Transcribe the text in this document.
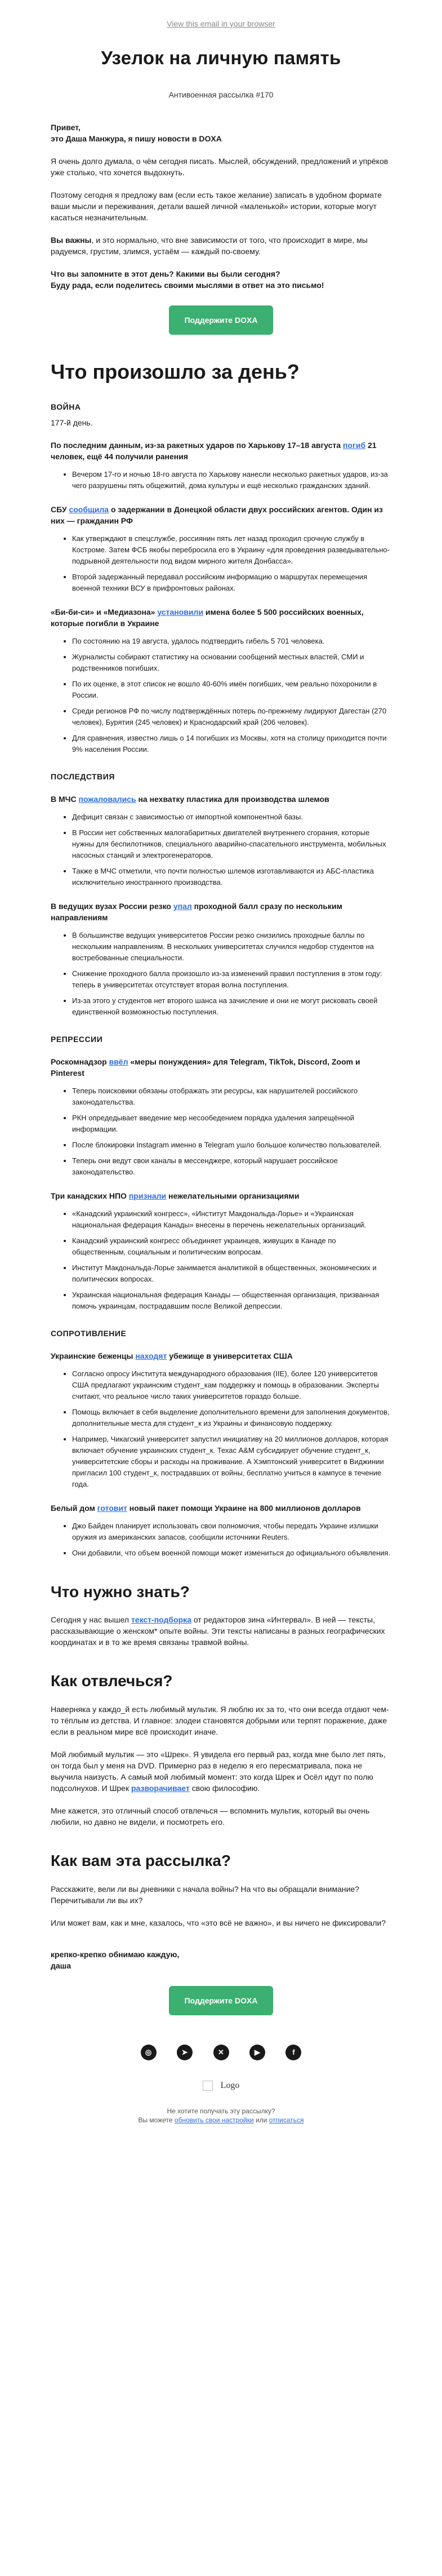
View this email in your browser
Узелок на личную память
Антивоенная рассылка #170

Привет,
это Даша Манжура, я пишу новости в DOXA

Я очень долго думала, о чём сегодня писать. Мыслей, обсуждений, предложений и упрёков уже столько, что хочется выдохнуть.

Поэтому сегодня я предложу вам (если есть такое желание) записать в удобном формате ваши мысли и переживания, детали вашей личной «маленькой» истории, которые могут касаться незначительным.

Вы важны, и это нормально, что вне зависимости от того, что происходит в мире, мы радуемся, грустим, злимся, устаём — каждый по-своему.

Что вы запомните в этот день? Какими вы были сегодня?
Буду рада, если поделитесь своими мыслями в ответ на это письмо!

Поддержите DOXA
Что произошло за день?
ВОЙНА
177-й день.
По последним данным, из-за ракетных ударов по Харькову 17–18 августа погиб 21 человек, ещё 44 получили ранения
• Вечером 17-го и ночью 18-го августа по Харькову нанесли несколько ракетных ударов, из-за чего разрушены пять общежитий, дома культуры и ещё несколько гражданских зданий.
СБУ сообщила о задержании в Донецкой области двух российских агентов. Один из них — гражданин РФ
• Как утверждают в спецслужбе, россиянин пять лет назад проходил срочную службу в Костроме. Затем ФСБ якобы перебросила его в Украину «для проведения разведывательно-подрывной деятельности под видом мирного жителя Донбасса».
• Второй задержанный передавал российским информацию о маршрутах перемещения военной техники ВСУ в прифронтовых районах.
«Би-би-си» и «Медиазона» установили имена более 5 500 российских военных, которые погибли в Украине
• По состоянию на 19 августа, удалось подтвердить гибель 5 701 человека.
• Журналисты собирают статистику на основании сообщений местных властей, СМИ и родственников погибших.
• По их оценке, в этот список не вошло 40-60% имён погибших, чем реально похоронили в России.
• Среди регионов РФ по числу подтверждённых потерь по-прежнему лидируют Дагестан (270 человек), Бурятия (245 человек) и Краснодарский край (206 человек).
• Для сравнения, известно лишь о 14 погибших из Москвы, хотя на столицу приходится почти 9% населения России.
ПОСЛЕДСТВИЯ
В МЧС пожаловались на нехватку пластика для производства шлемов
• Дефицит связан с зависимостью от импортной компонентной базы.
• В России нет собственных малогабаритных двигателей внутреннего сгорания, которые нужны для беспилотников, специального аварийно-спасательного инструмента, мобильных насосных станций и электрогенераторов.
• Также в МЧС отметили, что почти полностью шлемов изготавливаются из АБС-пластика исключительно иностранного производства.
В ведущих вузах России резко упал проходной балл сразу по нескольким направлениям
• В большинстве ведущих университетов России резко снизились проходные баллы по нескольким направлениям. В нескольких университетах случился недобор студентов на востребованные специальности.
• Снижение проходного балла произошло из-за изменений правил поступления в этом году: теперь в университетах отсутствует вторая волна поступления.
• Из-за этого у студентов нет второго шанса на зачисление и они не могут рисковать своей единственной возможностью поступления.
РЕПРЕССИИ
Роскомнадзор ввёл «меры понуждения» для Telegram, TikTok, Discord, Zoom и Pinterest
• Теперь поисковики обязаны отображать эти ресурсы, как нарушителей российского законодательства.
• РКН опредедывает введение мер несообедением порядка удаления запрещённой информации.
• После блокировки Instagram именно в Telegram ушло большое количество пользователей.
• Теперь они ведут свои каналы в мессенджере, который нарушает российское законодательство.
Три канадских НПО признали нежелательными организациями
• «Канадский украинский конгресс», «Институт Макдональда-Лорье» и «Украинская национальная федерация Канады» внесены в перечень нежелательных организаций.
• Канадский украинский конгресс объединяет украинцев, живущих в Канаде по общественным, социальным и политическим вопросам.
• Институт Макдональда-Лорье занимается аналитикой в общественных, экономических и политических вопросах.
• Украинская национальная федерация Канады — общественная организация, призванная помочь украинцам, пострадавшим после Великой депрессии.
СОПРОТИВЛЕНИЕ
Украинские беженцы находят убежище в университетах США
• Согласно опросу Института международного образования (IIE), более 120 университетов США предлагают украинским студент_кам поддержку и помощь в образовании. Эксперты считают, что реальное число таких университетов гораздо больше.
• Помощь включает в себя выделение дополнительного времени для заполнения документов, дополнительные места для студент_к из Украины и финансовую поддержку.
• Например, Чикагский университет запустил инициативу на 20 миллионов долларов, которая включает обучение украинских студент_к. Техас A&M субсидирует обучение студент_к, университетские сборы и расходы на проживание. А Хэмптонский университет в Виджинии пригласил 100 студент_к, пострадавших от войны, бесплатно учиться в кампусе в течение года.
Белый дом готовит новый пакет помощи Украине на 800 миллионов долларов
• Джо Байден планирует использовать свои полномочия, чтобы передать Украине излишки оружия из американских запасов, сообщили источники Reuters.
• Они добавили, что объем военной помощи может измениться до официального объявления.
Что нужно знать?

Сегодня у нас вышел текст-подборка от редакторов зина «Интервал». В ней — тексты, рассказывающие о женском* опыте войны. Эти тексты написаны в разных географических координатах и в то же время связаны травмой войны.

Как отвлечься?

Наверняка у каждо_й есть любимый мультик. Я люблю их за то, что они всегда отдают чем-то тёплым из детства. И главное: злодеи становятся добрыми или терпят поражение, даже если в реальном мире всё происходит иначе.

Мой любимый мультик — это «Шрек». Я увидела его первый раз, когда мне было лет пять, он тогда был у меня на DVD. Примерно раз в неделю я его пересматривала, пока не выучила наизусть. А самый мой любимый момент: это когда Шрек и Осёл идут по полю подсолнухов. И Шрек разворачивает свою философию.

Мне кажется, это отличный способ отвлечься — вспомнить мультик, который вы очень любили, но давно не видели, и посмотреть его.

Как вам эта рассылка?

Расскажите, вели ли вы дневники с начала войны? На что вы обращали внимание? Перечитывали ли вы их?

Или может вам, как и мне, казалось, что «это всё не важно», и вы ничего не фиксировали?

крепко-крепко обнимаю каждую,
даша
Поддержите DOXA
◎	➤	✕	▶	f
Logo
Не хотите получать эту рассылку?
Вы можете обновить свои настройки или отписаться
